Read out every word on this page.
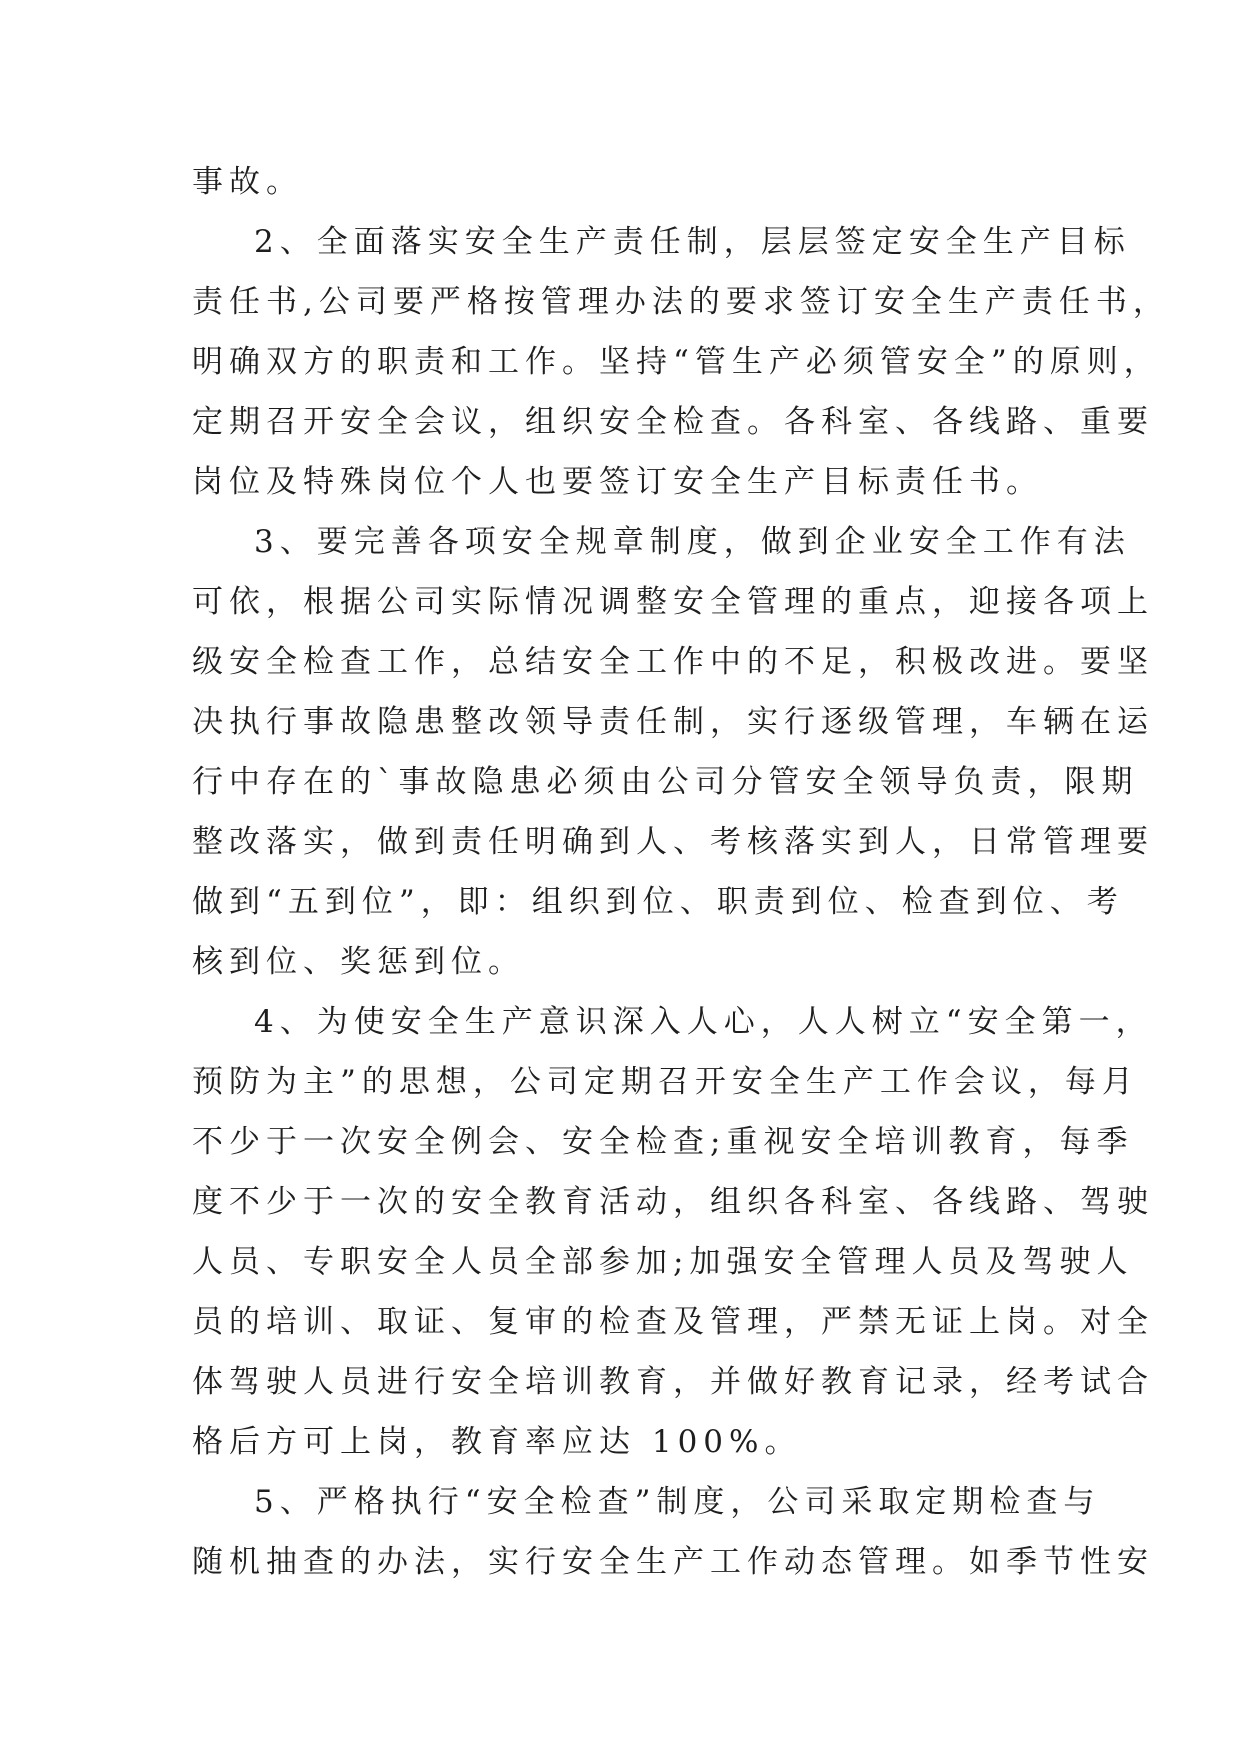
事故。
2、全面落实安全生产责任制，层层签定安全生产目标
责任书,公司要严格按管理办法的要求签订安全生产责任书，
明确双方的职责和工作。坚持“管生产必须管安全”的原则，
定期召开安全会议，组织安全检查。各科室、各线路、重要
岗位及特殊岗位个人也要签订安全生产目标责任书。
3、要完善各项安全规章制度，做到企业安全工作有法
可依，根据公司实际情况调整安全管理的重点，迎接各项上
级安全检查工作，总结安全工作中的不足，积极改进。要坚
决执行事故隐患整改领导责任制，实行逐级管理，车辆在运
行中存在的`事故隐患必须由公司分管安全领导负责，限期
整改落实，做到责任明确到人、考核落实到人，日常管理要
做到“五到位”，即：组织到位、职责到位、检查到位、考
核到位、奖惩到位。
4、为使安全生产意识深入人心，人人树立“安全第一，
预防为主”的思想，公司定期召开安全生产工作会议，每月
不少于一次安全例会、安全检查;重视安全培训教育，每季
度不少于一次的安全教育活动，组织各科室、各线路、驾驶
人员、专职安全人员全部参加;加强安全管理人员及驾驶人
员的培训、取证、复审的检查及管理，严禁无证上岗。对全
体驾驶人员进行安全培训教育，并做好教育记录，经考试合
格后方可上岗，教育率应达 100%。
5、严格执行“安全检查”制度，公司采取定期检查与
随机抽查的办法，实行安全生产工作动态管理。如季节性安
